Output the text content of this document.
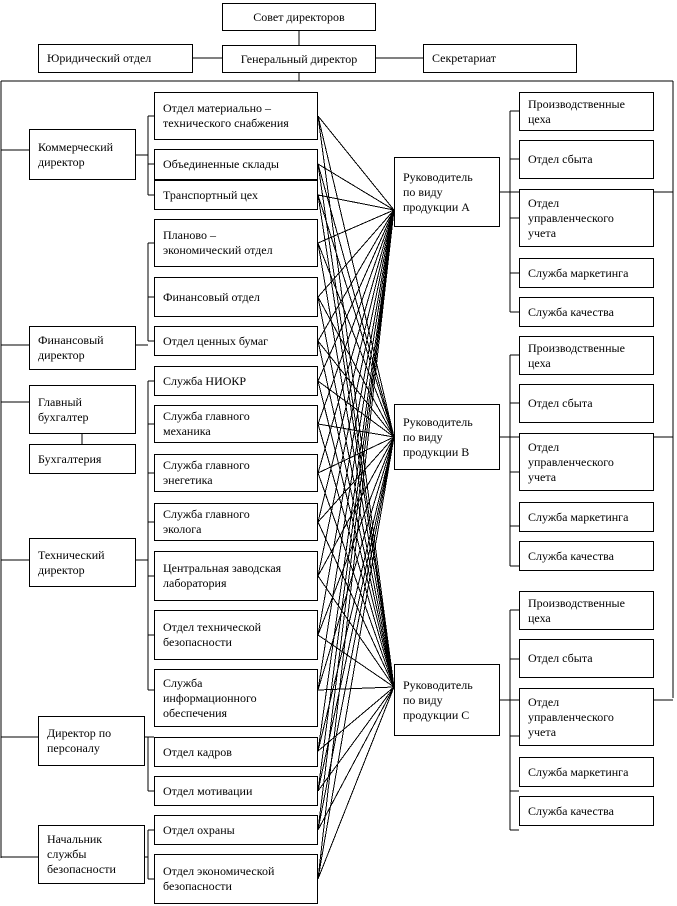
Совет директоров
Генеральный директор
Юридический отдел	Секретариат
Коммерческий
директор
Финансовый
директор
Главный
бухгалтер
Бухгалтерия
Технический
директор
Директор по
персоналу
Начальник
службы
безопасности
Отдел материально –
технического снабжения
Объединенные склады
Транспортный цех
Планово –
экономический отдел
Финансовый отдел
Отдел ценных бумаг
Служба НИОКР
Служба главного
механика
Служба главного
энегетика
Служба главного
эколога
Центральная заводская
лаборатория
Отдел технической
безопасности
Служба
информационного
обеспечения
Отдел кадров
Отдел мотивации
Отдел охраны
Отдел экономической
безопасности
Руководитель
по виду
продукции А
Руководитель
по виду
продукции В
Руководитель
по виду
продукции С
Производственные
цеха
Отдел сбыта
Отдел
управленческого
учета
Служба маркетинга
Служба качества
Производственные
цеха
Отдел сбыта
Отдел
управленческого
учета
Служба маркетинга
Служба качества
Производственные
цеха
Отдел сбыта
Отдел
управленческого
учета
Служба маркетинга
Служба качества
